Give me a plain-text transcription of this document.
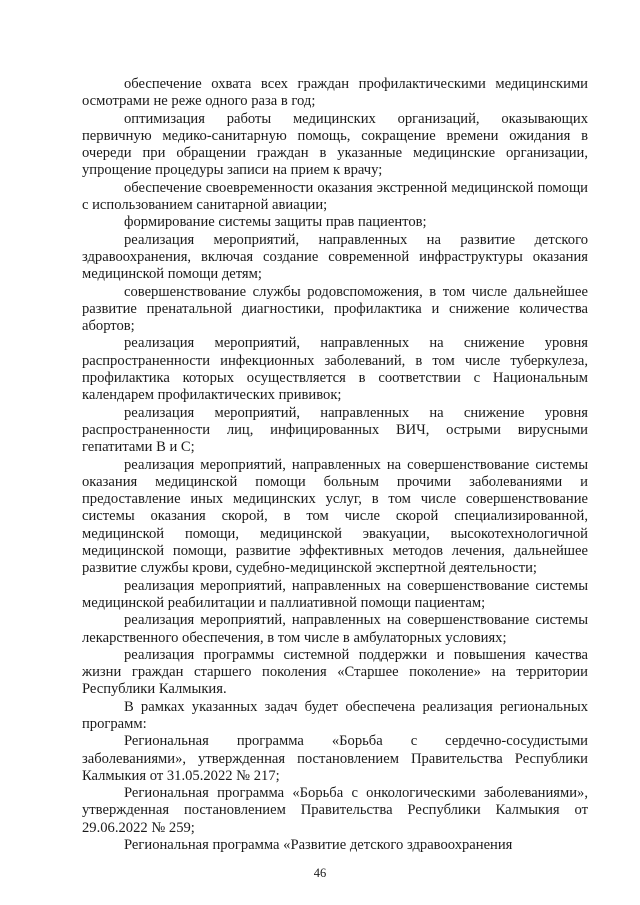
обеспечение охвата всех граждан профилактическими медицинскими осмотрами не реже одного раза в год;

оптимизация работы медицинских организаций, оказывающих первичную медико-санитарную помощь, сокращение времени ожидания в очереди при обращении граждан в указанные медицинские организации, упрощение процедуры записи на прием к врачу;

обеспечение своевременности оказания экстренной медицинской помощи с использованием санитарной авиации;

формирование системы защиты прав пациентов;

реализация мероприятий, направленных на развитие детского здравоохранения, включая создание современной инфраструктуры оказания медицинской помощи детям;

совершенствование службы родовспоможения, в том числе дальнейшее развитие пренатальной диагностики, профилактика и снижение количества абортов;

реализация мероприятий, направленных на снижение уровня распространенности инфекционных заболеваний, в том числе туберкулеза, профилактика которых осуществляется в соответствии с Национальным календарем профилактических прививок;

реализация мероприятий, направленных на снижение уровня распространенности лиц, инфицированных ВИЧ, острыми вирусными гепатитами В и С;

реализация мероприятий, направленных на совершенствование системы оказания медицинской помощи больным прочими заболеваниями и предоставление иных медицинских услуг, в том числе совершенствование системы оказания скорой, в том числе скорой специализированной, медицинской помощи, медицинской эвакуации, высокотехнологичной медицинской помощи, развитие эффективных методов лечения, дальнейшее развитие службы крови, судебно-медицинской экспертной деятельности;

реализация мероприятий, направленных на совершенствование системы медицинской реабилитации и паллиативной помощи пациентам;

реализация мероприятий, направленных на совершенствование системы лекарственного обеспечения, в том числе в амбулаторных условиях;

реализация программы системной поддержки и повышения качества жизни граждан старшего поколения «Старшее поколение» на территории Республики Калмыкия.

В рамках указанных задач будет обеспечена реализация региональных программ:

Региональная программа «Борьба с сердечно-сосудистыми заболеваниями», утвержденная постановлением Правительства Республики Калмыкия от 31.05.2022 № 217;

Региональная программа «Борьба с онкологическими заболеваниями», утвержденная постановлением Правительства Республики Калмыкия от 29.06.2022 № 259;

Региональная программа «Развитие детского здравоохранения

46
